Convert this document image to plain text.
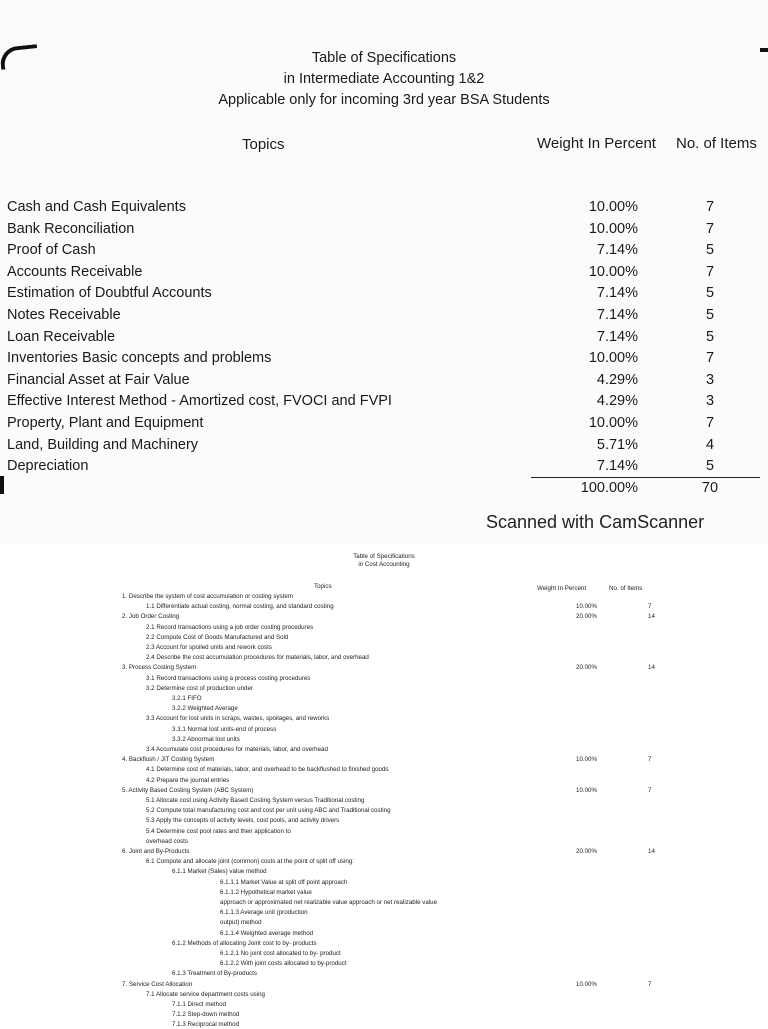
Table of Specifications
in Intermediate Accounting 1&2
Applicable only for incoming 3rd year BSA Students
Topics	Weight In Percent No. of Items
Cash and Cash Equivalents	10.00%	7
Bank Reconciliation	10.00%	7
Proof of Cash	7.14%	5
Accounts Receivable	10.00%	7
Estimation of Doubtful Accounts	7.14%	5
Notes Receivable	7.14%	5
Loan Receivable	7.14%	5
Inventories Basic concepts and problems	10.00%	7
Financial Asset at Fair Value	4.29%	3
Effective Interest Method - Amortized cost, FVOCI and FVPI	4.29%	3
Property, Plant and Equipment	10.00%	7
Land, Building and Machinery	5.71%	4
Depreciation	7.14%	5
100.00%	70
Scanned with CamScanner
Table of Specifications
in Cost Accounting
Topics	Weight In Percent	No. of Items
1. Describe the system of cost accumulation or costing system
1.1 Differentiate actual costing, normal costing, and standard costing	10.00%	7
2. Job Order Costing	20.00%	14
2.1 Record transactions using a job order costing procedures
2.2 Compute Cost of Goods Manufactured and Sold
2.3 Account for spoiled units and rework costs
2.4 Describe the cost accumulation procedures for materials, labor, and overhead
3. Process Costing System	20.00%	14
3.1 Record transactions using a process costing procedures
3.2 Determine cost of production under
3.2.1 FIFO
3.2.2 Weighted Average
3.3 Account for lost units in scraps, wastes, spoilages, and reworks
3.3.1 Normal lost units-end of process
3.3.2 Abnormal lost units
3.4 Accumulate cost procedures for materials, labor, and overhead
4. Backflush / JIT Costing System	10.00%	7
4.1 Determine cost of materials, labor, and overhead to be backflushed to finished goods
4.2 Prepare the journal entries
5. Activity Based Costing System (ABC System)	10.00%	7
5.1 Allocate cost using Activity Based Costing System versus Traditional costing
5.2 Compute total manufacturing cost and cost per unit using ABC and Traditional costing
5.3 Apply the concepts of activity levels, cost pools, and activity drivers
5.4 Determine cost pool rates and their application to
overhead costs
6. Joint and By-Products	20.00%	14
6.1 Compute and allocate joint (common) costs at the point of split off using:
6.1.1 Market (Sales) value method
6.1.1.1 Market Value at split off point approach
6.1.1.2 Hypothetical market value
approach or approximated net realizable value approach or net realizable value
6.1.1.3 Average unit (production
output) method
6.1.1.4 Weighted average method
6.1.2 Methods of allocating Joint cost to by- products
6.1.2.1 No joint cost allocated to by- product
6.1.2.2 With joint costs allocated to by-product
6.1.3 Treatment of By-products
7. Service Cost Allocation	10.00%	7
7.1 Allocate service department costs using
7.1.1 Direct method
7.1.2 Step-down method
7.1.3 Reciprocal method
